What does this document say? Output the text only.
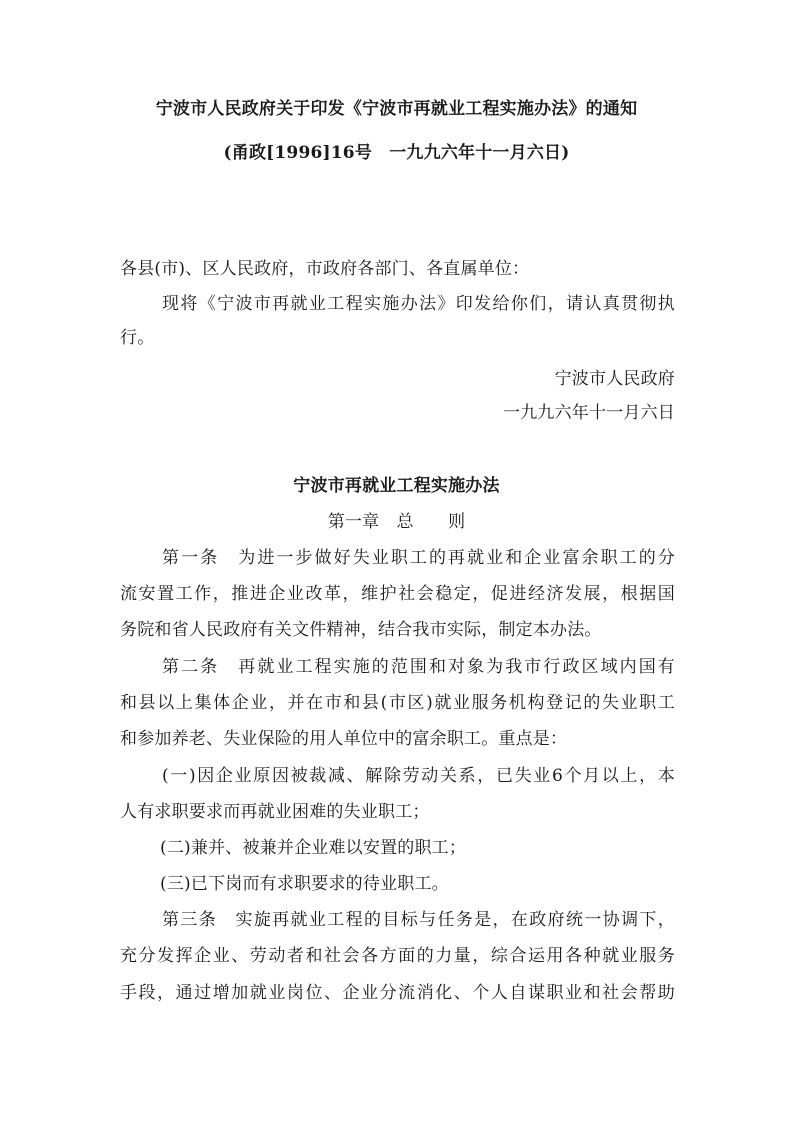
宁波市人民政府关于印发《宁波市再就业工程实施办法》的通知
(甬政[1996]16号　一九九六年十一月六日)
各县(市)、区人民政府，市政府各部门、各直属单位：
现将《宁波市再就业工程实施办法》印发给你们，请认真贯彻执
行。
宁波市人民政府
一九九六年十一月六日
宁波市再就业工程实施办法
第一章　总　　则
第一条　为进一步做好失业职工的再就业和企业富余职工的分
流安置工作，推进企业改革，维护社会稳定，促进经济发展，根据国
务院和省人民政府有关文件精神，结合我市实际，制定本办法。
第二条　再就业工程实施的范围和对象为我市行政区域内国有
和县以上集体企业，并在市和县(市区)就业服务机构登记的失业职工
和参加养老、失业保险的用人单位中的富余职工。重点是：
(一)因企业原因被裁减、解除劳动关系，已失业6个月以上，本
人有求职要求而再就业困难的失业职工；
(二)兼并、被兼并企业难以安置的职工；
(三)已下岗而有求职要求的待业职工。
第三条　实旋再就业工程的目标与任务是，在政府统一协调下，
充分发挥企业、劳动者和社会各方面的力量，综合运用各种就业服务
手段，通过增加就业岗位、企业分流消化、个人自谋职业和社会帮助
